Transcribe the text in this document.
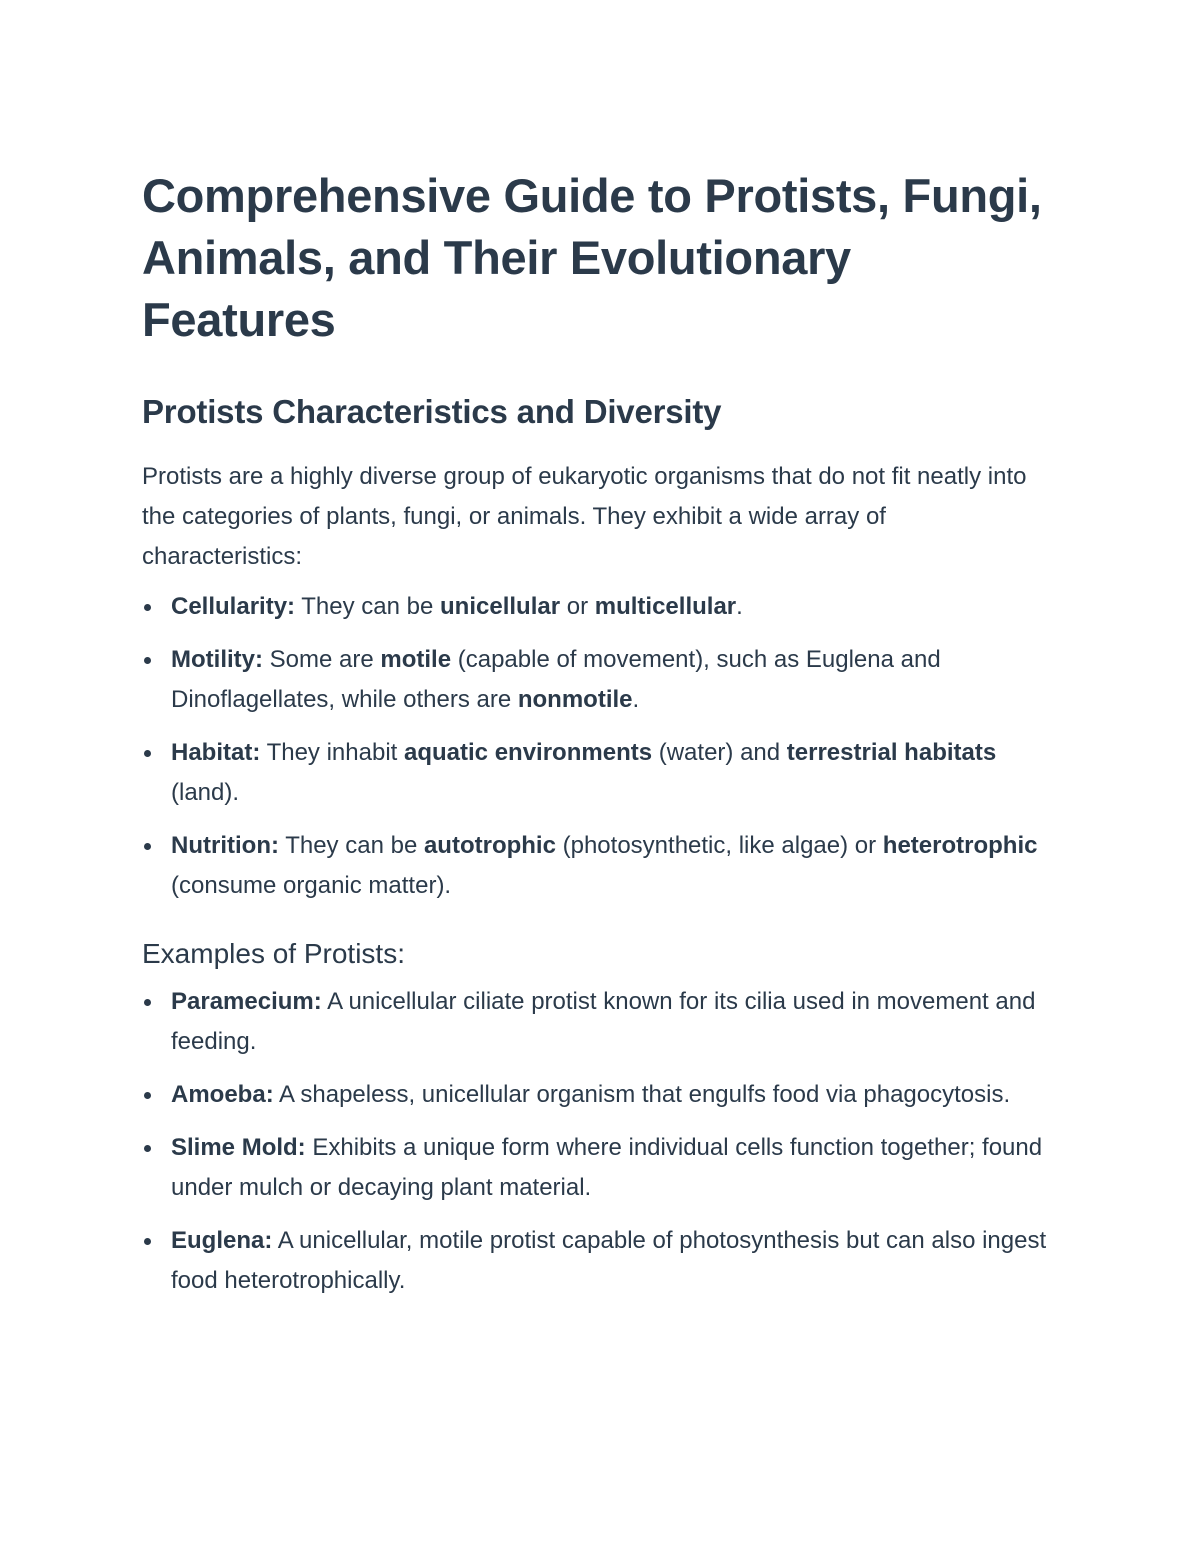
Comprehensive Guide to Protists, Fungi, Animals, and Their Evolutionary Features
Protists Characteristics and Diversity

Protists are a highly diverse group of eukaryotic organisms that do not fit neatly into the categories of plants, fungi, or animals. They exhibit a wide array of characteristics:

Cellularity: They can be unicellular or multicellular.
Motility: Some are motile (capable of movement), such as Euglena and Dinoflagellates, while others are nonmotile.
Habitat: They inhabit aquatic environments (water) and terrestrial habitats (land).
Nutrition: They can be autotrophic (photosynthetic, like algae) or heterotrophic (consume organic matter).
Examples of Protists:
Paramecium: A unicellular ciliate protist known for its cilia used in movement and feeding.
Amoeba: A shapeless, unicellular organism that engulfs food via phagocytosis.
Slime Mold: Exhibits a unique form where individual cells function together; found under mulch or decaying plant material.
Euglena: A unicellular, motile protist capable of photosynthesis but can also ingest food heterotrophically.
